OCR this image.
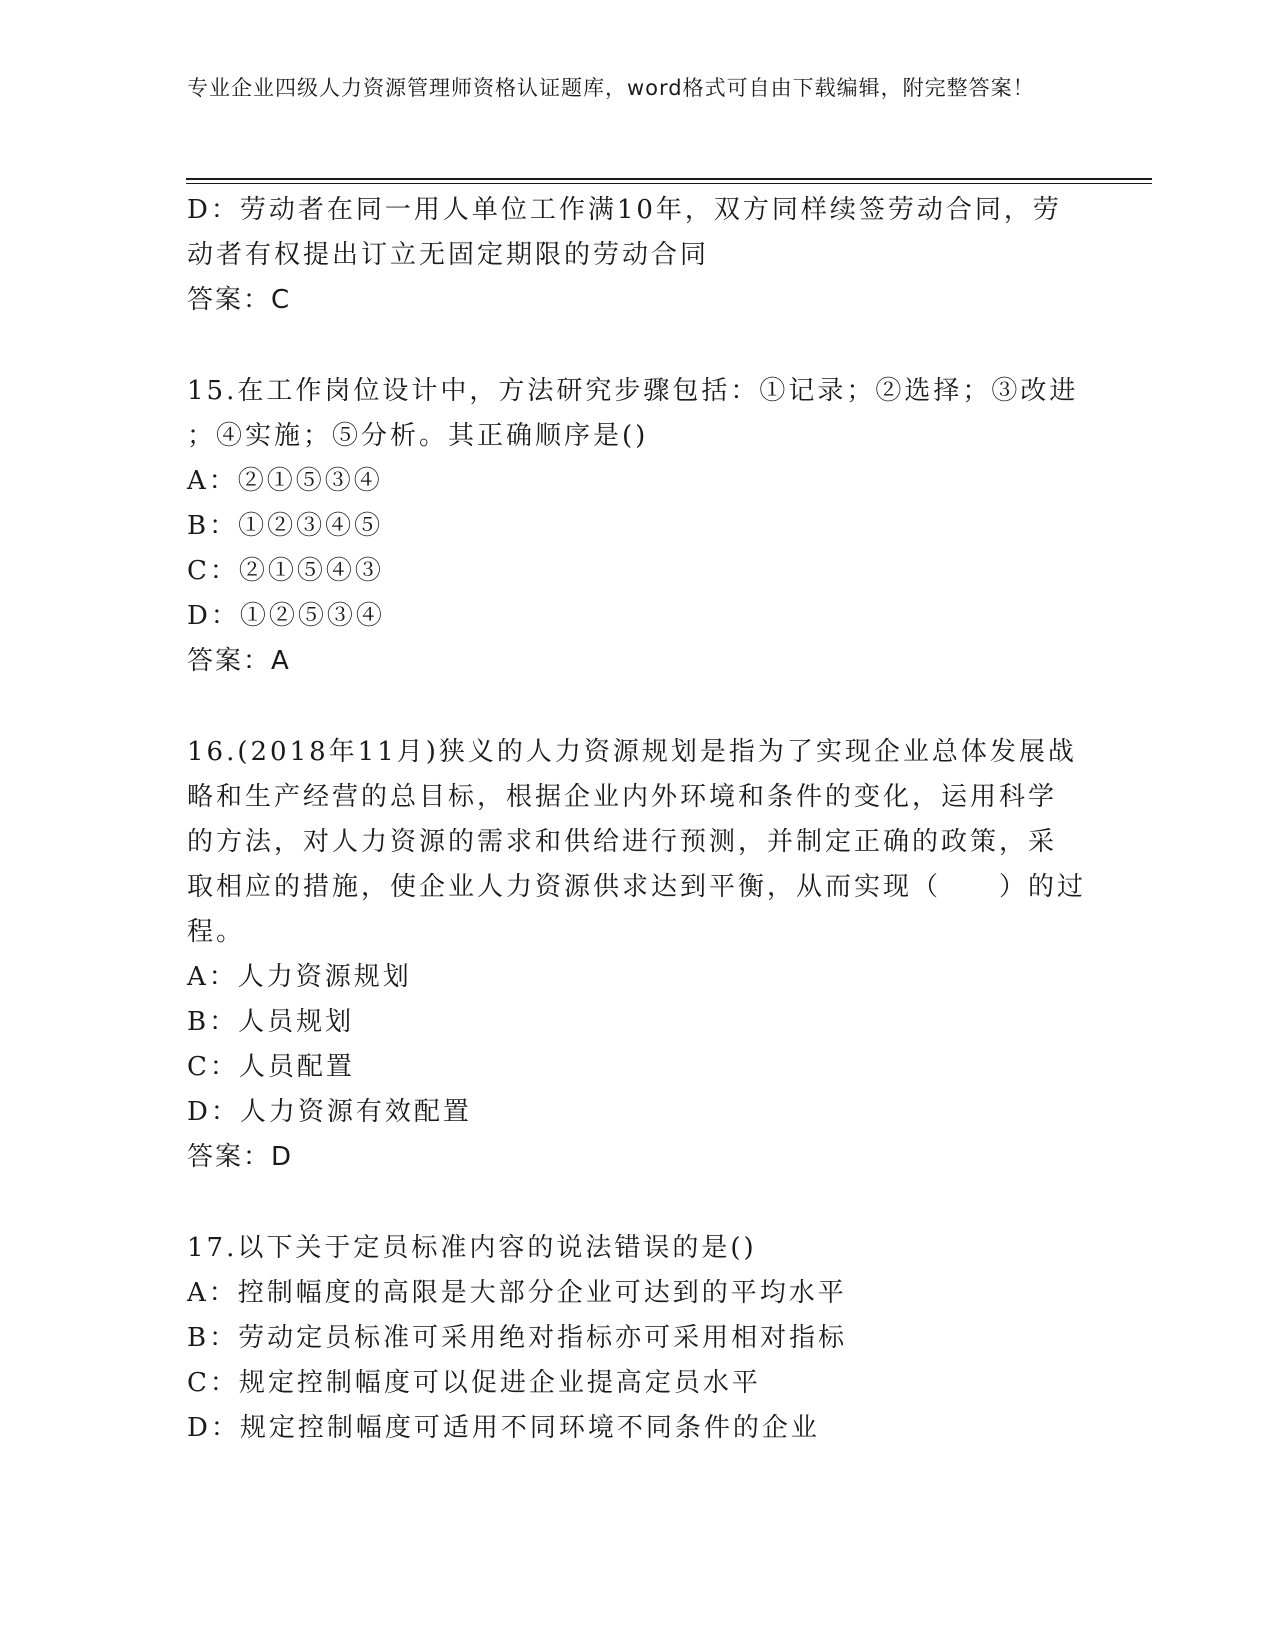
专业企业四级人力资源管理师资格认证题库，word格式可自由下载编辑，附完整答案！
D：劳动者在同一用人单位工作满10年，双方同样续签劳动合同，劳
动者有权提出订立无固定期限的劳动合同
答案：C
15.在工作岗位设计中，方法研究步骤包括：①记录；②选择；③改进
；④实施；⑤分析。其正确顺序是()
A：②①⑤③④
B：①②③④⑤
C：②①⑤④③
D：①②⑤③④
答案：A
16.(2018年11月)狭义的人力资源规划是指为了实现企业总体发展战
略和生产经营的总目标，根据企业内外环境和条件的变化，运用科学
的方法，对人力资源的需求和供给进行预测，并制定正确的政策，采
取相应的措施，使企业人力资源供求达到平衡，从而实现（　　）的过
程。
A：人力资源规划
B：人员规划
C：人员配置
D：人力资源有效配置
答案：D
17.以下关于定员标准内容的说法错误的是()
A：控制幅度的高限是大部分企业可达到的平均水平
B：劳动定员标准可采用绝对指标亦可采用相对指标
C：规定控制幅度可以促进企业提高定员水平
D：规定控制幅度可适用不同环境不同条件的企业
